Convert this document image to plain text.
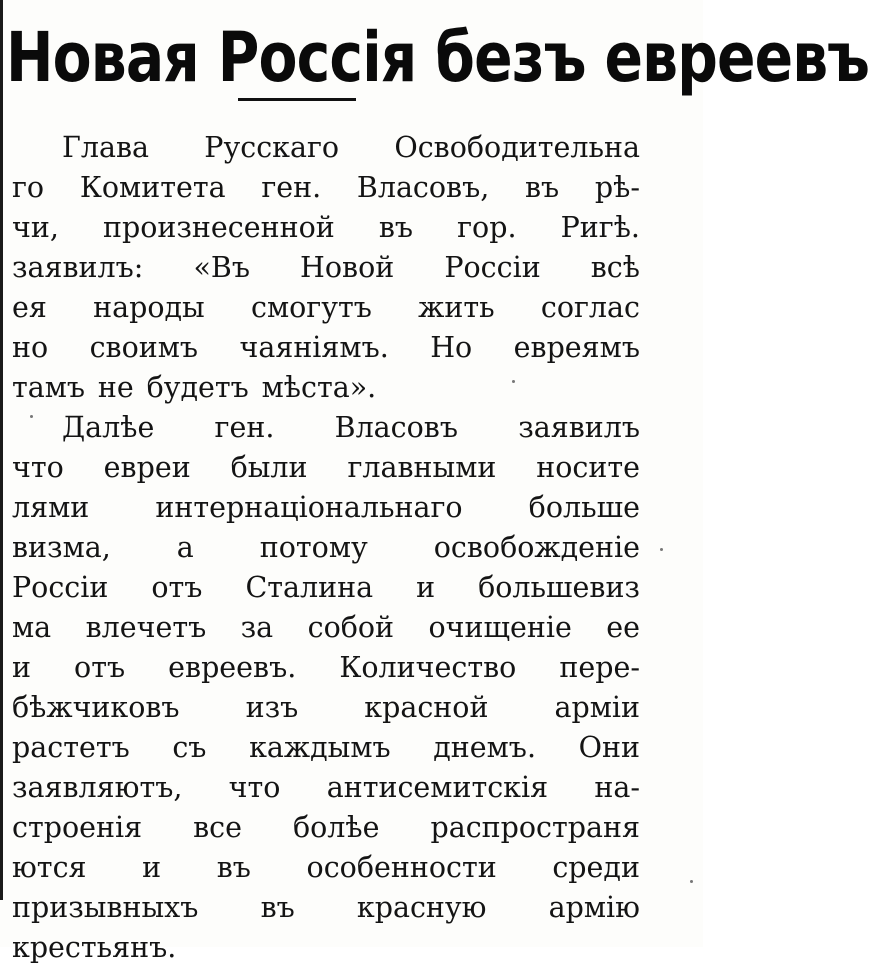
Новая Россія безъ евреевъ
Глава Русскаго Освободительна
го Комитета ген. Власовъ, въ рѣ-
чи, произнесенной въ гор. Ригѣ.
заявилъ: «Въ Новой Россіи всѣ
ея народы смогутъ жить соглас
но своимъ чаяніямъ. Но евреямъ
тамъ не будетъ мѣста».
Далѣе ген. Власовъ заявилъ
что евреи были главными носите
лями интернаціональнаго больше
визма, а потому освобожденіе
Россіи отъ Сталина и большевиз
ма влечетъ за собой очищеніе ее
и отъ евреевъ. Количество пере-
бѣжчиковъ изъ красной арміи
растетъ съ каждымъ днемъ. Они
заявляютъ, что антисемитскія на-
строенія все болѣе распространя
ются и въ особенности среди
призывныхъ въ красную армію
крестьянъ.
